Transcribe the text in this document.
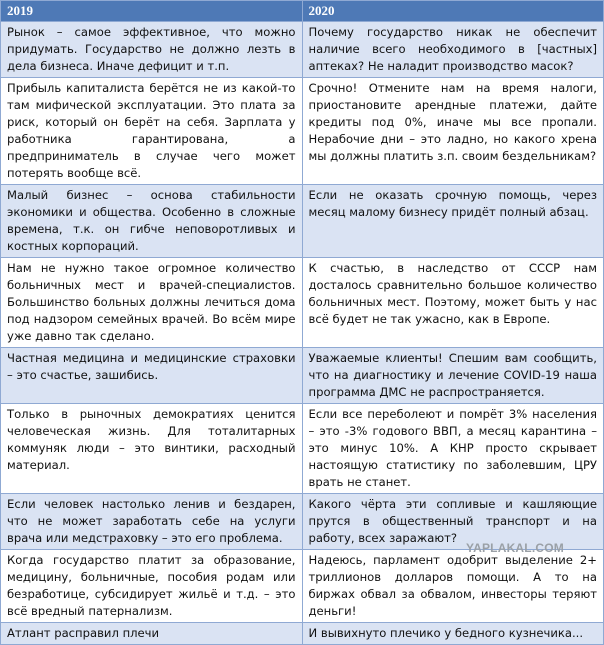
2019	2020
Рынок – самое эффективное, что можно придумать. Государство не должно лезть в дела бизнеса. Иначе дефицит и т.п.	Почему государство никак не обеспечит наличие всего необходимого в [частных] аптеках? Не наладит производство масок?
Прибыль капиталиста берётся не из какой-то там мифической эксплуатации. Это плата за риск, который он берёт на себя. Зарплата у работника гарантирована, а предприниматель в случае чего может потерять вообще всё.	Срочно! Отмените нам на время налоги, приостановите арендные платежи, дайте кредиты под 0%, иначе мы все пропали. Нерабочие дни – это ладно, но какого хрена мы должны платить з.п. своим бездельникам?
Малый бизнес – основа стабильности экономики и общества. Особенно в сложные времена, т.к. он гибче неповоротливых и костных корпораций.	Если не оказать срочную помощь, через месяц малому бизнесу придёт полный абзац.
Нам не нужно такое огромное количество больничных мест и врачей-специалистов. Большинство больных должны лечиться дома под надзором семейных врачей. Во всём мире уже давно так сделано.	К счастью, в наследство от СССР нам досталось сравнительно большое количество больничных мест. Поэтому, может быть у нас всё будет не так ужасно, как в Европе.
Частная медицина и медицинские страховки – это счастье, зашибись.	Уважаемые клиенты! Спешим вам сообщить, что на диагностику и лечение COVID-19 наша программа ДМС не распространяется.
Только в рыночных демократиях ценится человеческая жизнь. Для тоталитарных коммуняк люди – это винтики, расходный материал.	Если все переболеют и помрёт 3% населения – это -3% годового ВВП, а месяц карантина – это минус 10%. А КНР просто скрывает настоящую статистику по заболевшим, ЦРУ врать не станет.
Если человек настолько ленив и бездарен, что не может заработать себе на услуги врача или медстраховку – это его проблема.	Какого чёрта эти сопливые и кашляющие прутся в общественный транспорт и на работу, всех заражают?
Когда государство платит за образование, медицину, больничные, пособия родам или безработице, субсидирует жильё и т.д. – это всё вредный патернализм.	Надеюсь, парламент одобрит выделение 2+ триллионов долларов помощи. А то на биржах обвал за обвалом, инвесторы теряют деньги!
Атлант расправил плечи	И вывихнуто плечико у бедного кузнечика...
YAPLAKAL.COM
